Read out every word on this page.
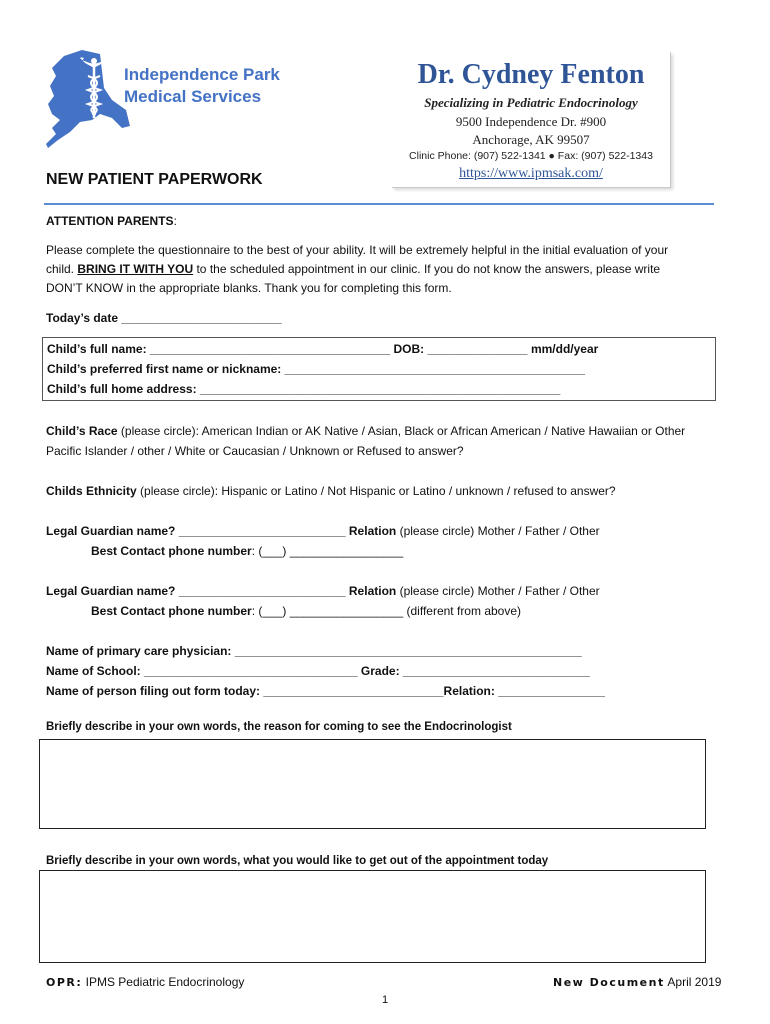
Independence Park
Medical Services
Dr. Cydney Fenton
Specializing in Pediatric Endocrinology
9500 Independence Dr. #900
Anchorage, AK 99507
Clinic Phone: (907) 522-1341 ● Fax: (907) 522-1343
https://www.ipmsak.com/
NEW PATIENT PAPERWORK
ATTENTION PARENTS:
Please complete the questionnaire to the best of your ability. It will be extremely helpful in the initial evaluation of your
child. BRING IT WITH YOU to the scheduled appointment in our clinic. If you do not know the answers, please write
DON’T KNOW in the appropriate blanks. Thank you for completing this form.
Today’s date ________________________
Child’s full name: ____________________________________ DOB: _______________ mm/dd/year
Child’s preferred first name or nickname: _____________________________________________
Child’s full home address: ______________________________________________________
Child’s Race (please circle): American Indian or AK Native / Asian, Black or African American / Native Hawaiian or Other
Pacific Islander / other / White or Caucasian / Unknown or Refused to answer?
Childs Ethnicity (please circle): Hispanic or Latino / Not Hispanic or Latino / unknown / refused to answer?
Legal Guardian name? _________________________ Relation (please circle) Mother / Father / Other
Best Contact phone number: (___) _________________
Legal Guardian name? _________________________ Relation (please circle) Mother / Father / Other
Best Contact phone number: (___) _________________ (different from above)
Name of primary care physician: ____________________________________________________
Name of School: ________________________________ Grade: ____________________________
Name of person filing out form today: ___________________________Relation: ________________
Briefly describe in your own words, the reason for coming to see the Endocrinologist
Briefly describe in your own words, what you would like to get out of the appointment today
OPR: IPMS Pediatric Endocrinology	New Document April 2019
1
